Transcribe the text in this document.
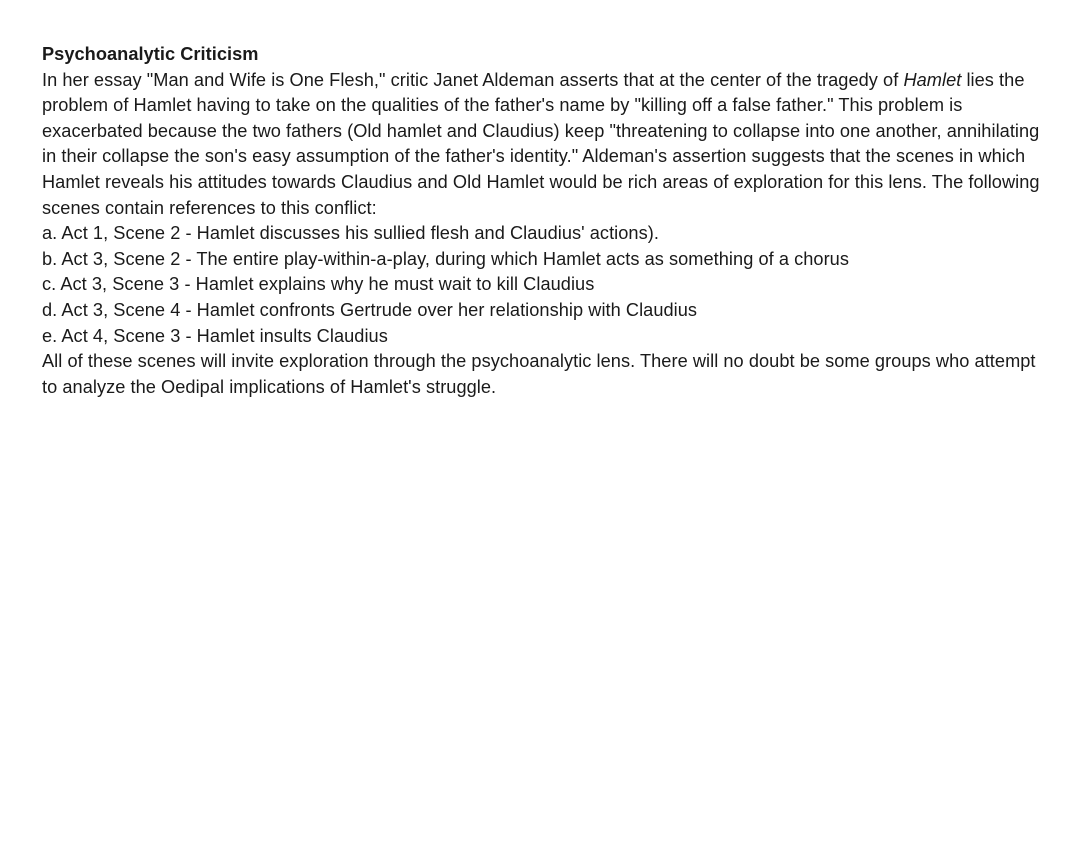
Psychoanalytic Criticism

In her essay "Man and Wife is One Flesh," critic Janet Aldeman asserts that at the center of the tragedy of Hamlet lies the problem of Hamlet having to take on the qualities of the father's name by "killing off a false father." This problem is exacerbated because the two fathers (Old hamlet and Claudius) keep "threatening to collapse into one another, annihilating in their collapse the son's easy assumption of the father's identity." Aldeman's assertion suggests that the scenes in which Hamlet reveals his attitudes towards Claudius and Old Hamlet would be rich areas of exploration for this lens. The following scenes contain references to this conflict:

a. Act 1, Scene 2 - Hamlet discusses his sullied flesh and Claudius' actions).
b. Act 3, Scene 2 - The entire play-within-a-play, during which Hamlet acts as something of a chorus
c. Act 3, Scene 3 - Hamlet explains why he must wait to kill Claudius
d. Act 3, Scene 4 - Hamlet confronts Gertrude over her relationship with Claudius
e. Act 4, Scene 3 - Hamlet insults Claudius

All of these scenes will invite exploration through the psychoanalytic lens. There will no doubt be some groups who attempt to analyze the Oedipal implications of Hamlet's struggle.
